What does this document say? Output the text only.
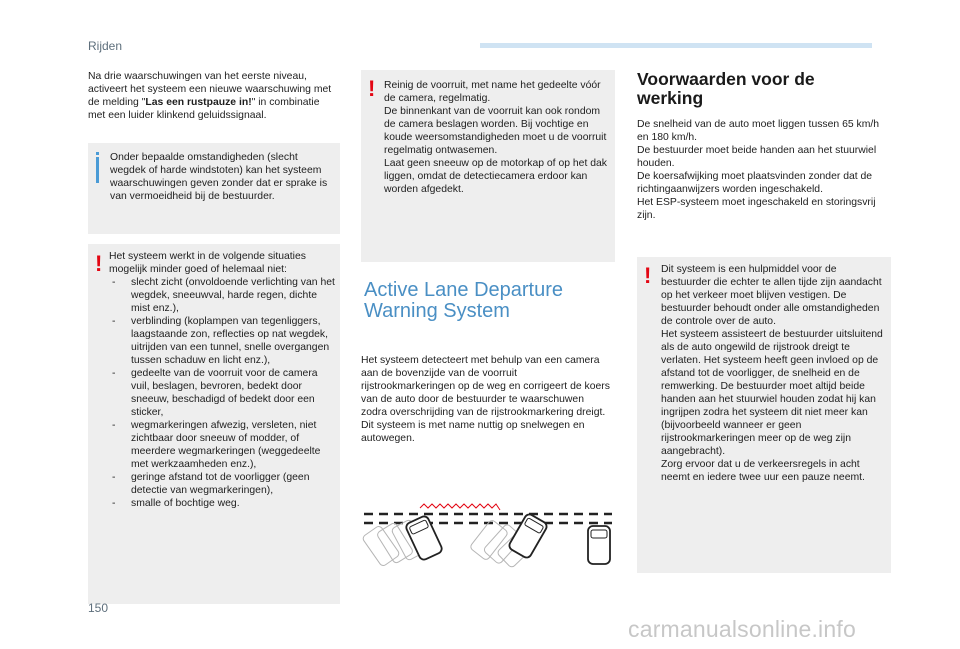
Rijden

Na drie waarschuwingen van het eerste niveau, activeert het systeem een nieuwe waarschuwing met de melding "Las een rustpauze in!" in combinatie met een luider klinkend geluidssignaal.

Onder bepaalde omstandigheden (slecht wegdek of harde windstoten) kan het systeem waarschuwingen geven zonder dat er sprake is van vermoeidheid bij de bestuurder.

! Het systeem werkt in de volgende situaties mogelijk minder goed of helemaal niet:

- slecht zicht (onvoldoende verlichting van het wegdek, sneeuwval, harde regen, dichte mist enz.),
- verblinding (koplampen van tegenliggers, laagstaande zon, reflecties op nat wegdek, uitrijden van een tunnel, snelle overgangen tussen schaduw en licht enz.),
- gedeelte van de voorruit voor de camera vuil, beslagen, bevroren, bedekt door sneeuw, beschadigd of bedekt door een sticker,
- wegmarkeringen afwezig, versleten, niet zichtbaar door sneeuw of modder, of meerdere wegmarkeringen (weggedeelte met werkzaamheden enz.),
- geringe afstand tot de voorligger (geen detectie van wegmarkeringen),
- smalle of bochtige weg.
! Reinig de voorruit, met name het gedeelte vóór de camera, regelmatig.
De binnenkant van de voorruit kan ook rondom de camera beslagen worden. Bij vochtige en koude weersomstandigheden moet u de voorruit regelmatig ontwasemen.
Laat geen sneeuw op de motorkap of op het dak liggen, omdat de detectiecamera erdoor kan worden afgedekt.

Active Lane Departure
Warning System

Het systeem detecteert met behulp van een camera aan de bovenzijde van de voorruit rijstrookmarkeringen op de weg en corrigeert de koers van de auto door de bestuurder te waarschuwen zodra overschrijding van de rijstrookmarkering dreigt.
Dit systeem is met name nuttig op snelwegen en autowegen.

Voorwaarden voor de
werking

De snelheid van de auto moet liggen tussen 65 km/h en 180 km/h.
De bestuurder moet beide handen aan het stuurwiel houden.
De koersafwijking moet plaatsvinden zonder dat de richtingaanwijzers worden ingeschakeld.
Het ESP-systeem moet ingeschakeld en storingsvrij zijn.

! Dit systeem is een hulpmiddel voor de bestuurder die echter te allen tijde zijn aandacht op het verkeer moet blijven vestigen. De bestuurder behoudt onder alle omstandigheden de controle over de auto.
Het systeem assisteert de bestuurder uitsluitend als de auto ongewild de rijstrook dreigt te verlaten. Het systeem heeft geen invloed op de afstand tot de voorligger, de snelheid en de remwerking. De bestuurder moet altijd beide handen aan het stuurwiel houden zodat hij kan ingrijpen zodra het systeem dit niet meer kan (bijvoorbeeld wanneer er geen rijstrookmarkeringen meer op de weg zijn aangebracht).
Zorg ervoor dat u de verkeersregels in acht neemt en iedere twee uur een pauze neemt.

150
carmanualsonline.info
